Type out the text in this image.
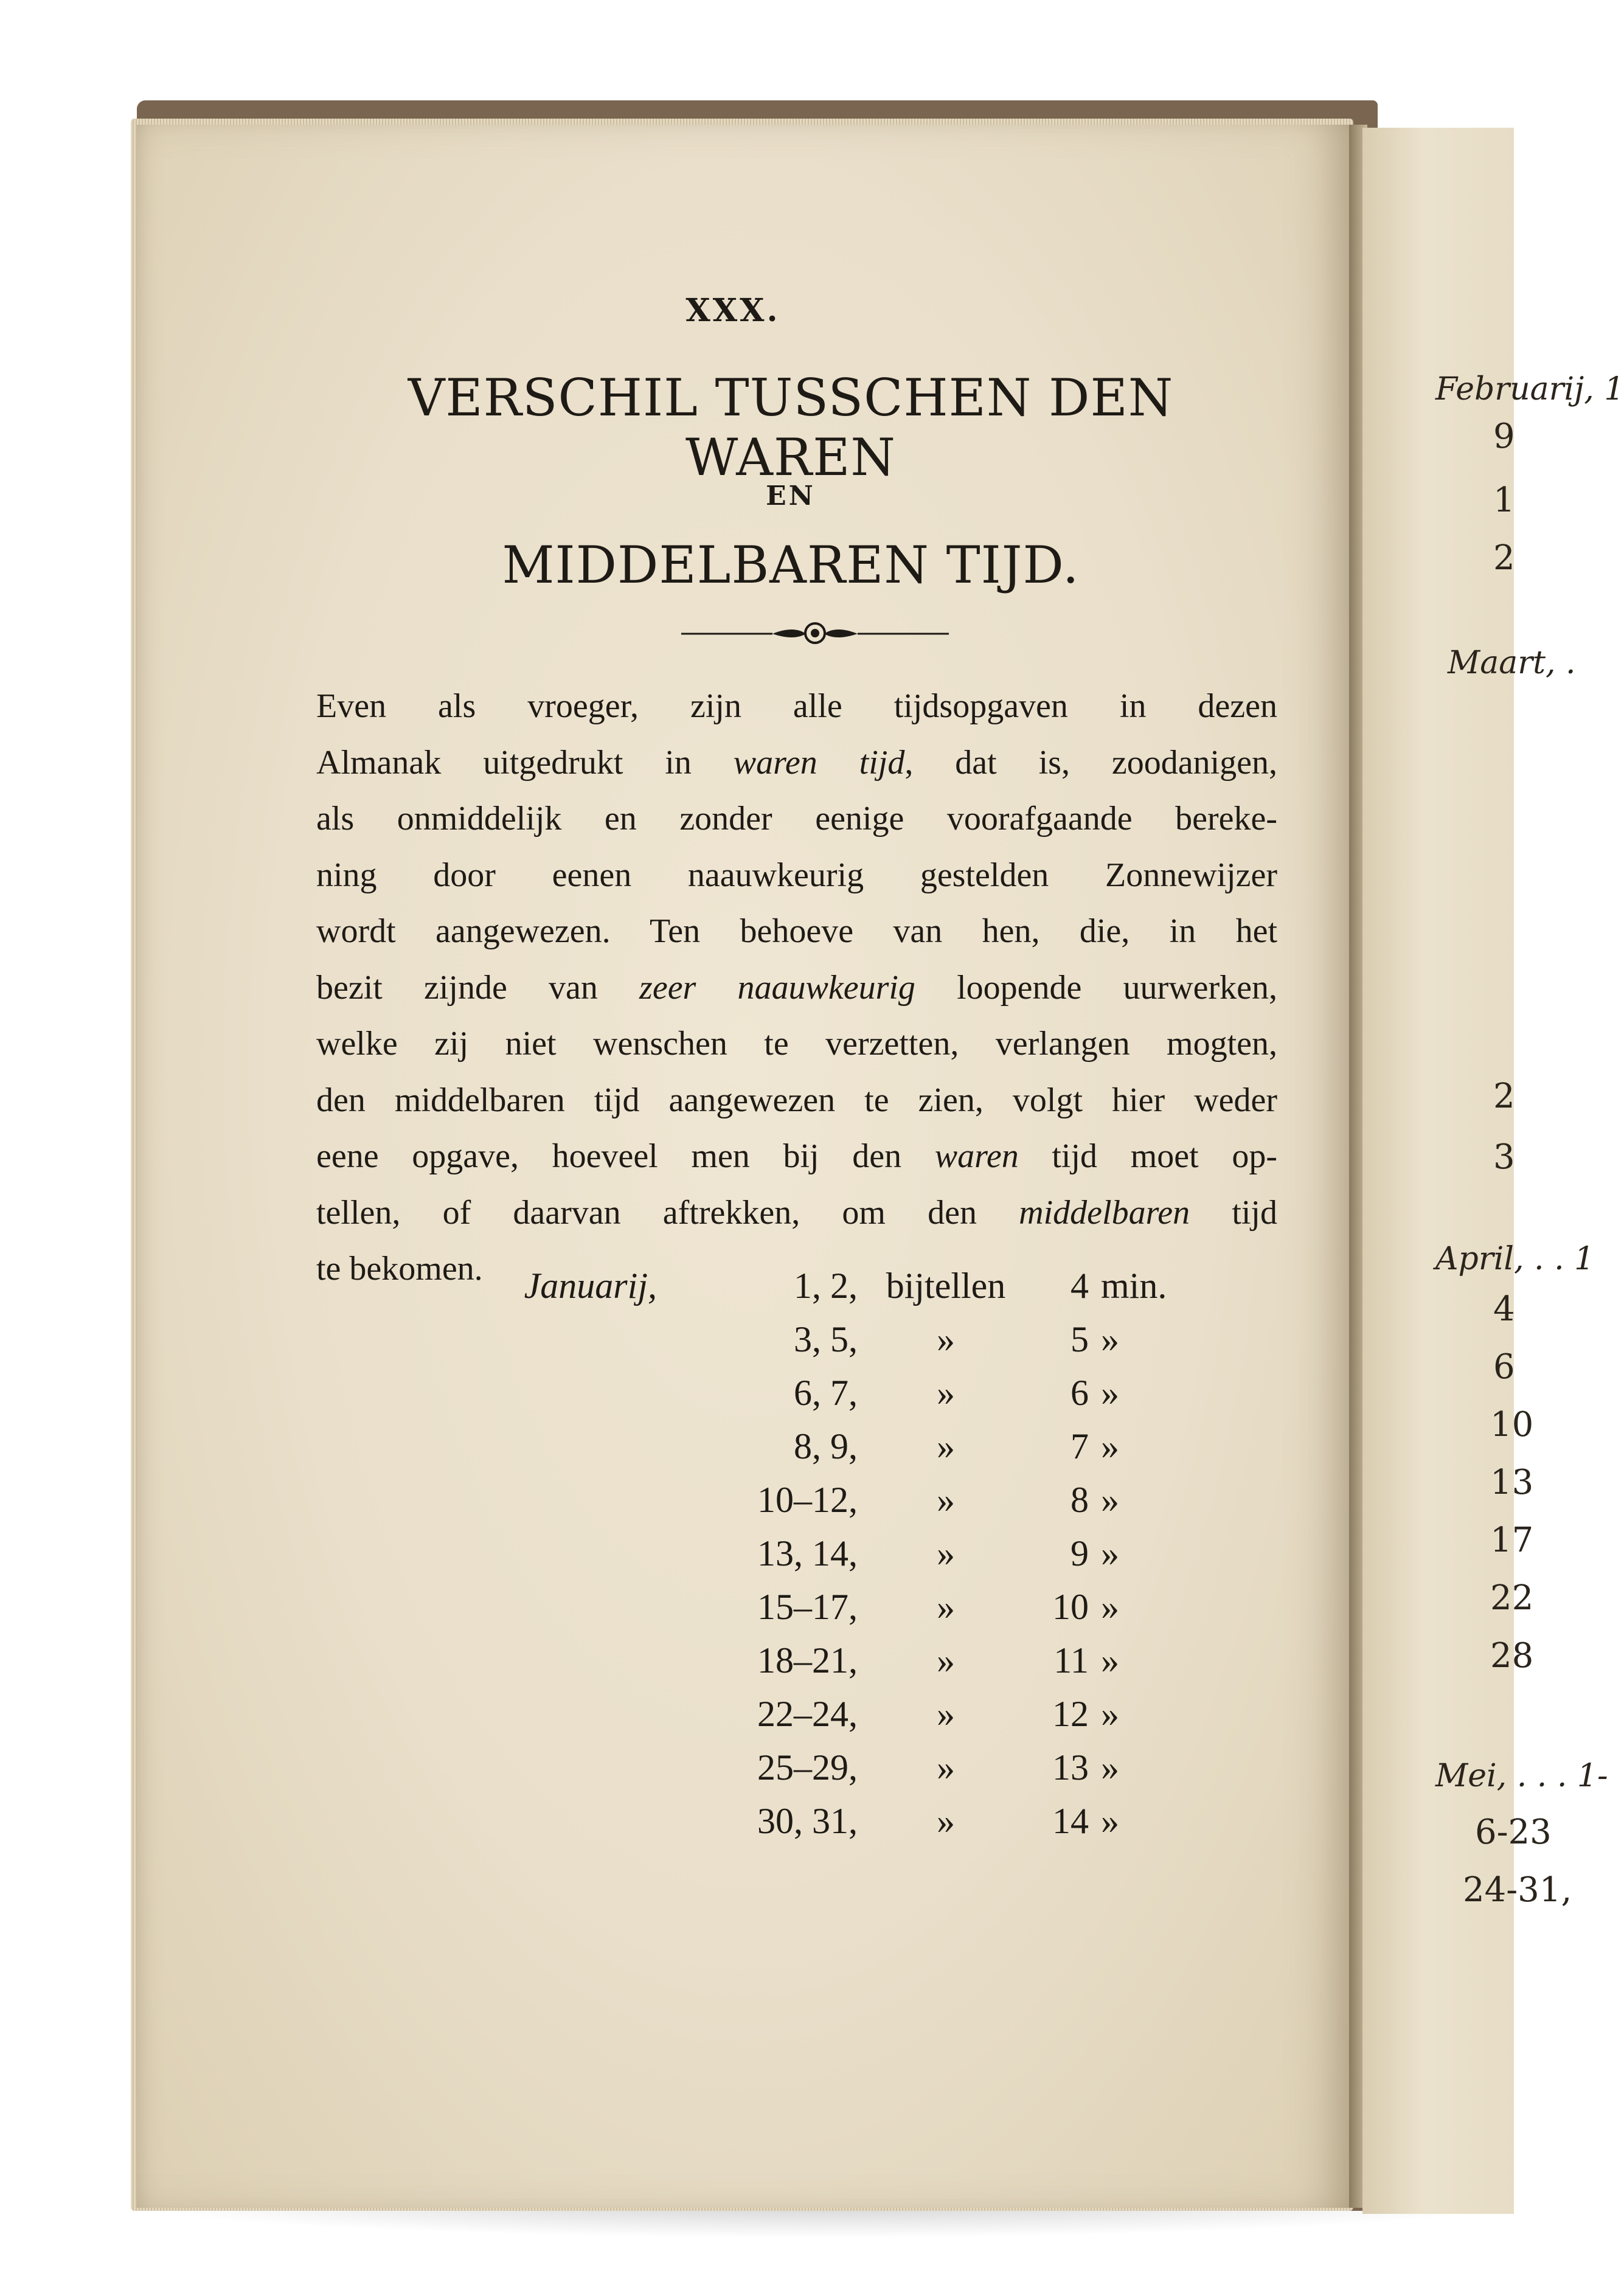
Februarij, 1
9
1
2
Maart, .
2
3
April, . . 1
4
6
10
13
17
22
28
Mei, . . . 1-
6-23
24-31,
XXX.
VERSCHIL TUSSCHEN DEN WAREN
EN
MIDDELBAREN TIJD.
Even als vroeger, zijn alle tijdsopgaven in dezen
Almanak uitgedrukt in waren tijd, dat is, zoodanigen,
als onmiddelijk en zonder eenige voorafgaande bereke-
ning door eenen naauwkeurig gestelden Zonnewijzer
wordt aangewezen. Ten behoeve van hen, die, in het
bezit zijnde van zeer naauwkeurig loopende uurwerken,
welke zij niet wenschen te verzetten, verlangen mogten,
den middelbaren tijd aangewezen te zien, volgt hier weder
eene opgave, hoeveel men bij den waren tijd moet op-
tellen, of daarvan aftrekken, om den middelbaren tijd
te bekomen.	Januarij,	1, 2, bijtellen	4 min.
3, 5,	»	5 »
6, 7,	»	6 »
8, 9,	»	7 »
10–12,	»	8 »
13, 14,	»	9 »
15–17,	»	10 »
18–21,	»	11 »
22–24,	»	12 »
25–29,	»	13 »
30, 31,	»	14 »
